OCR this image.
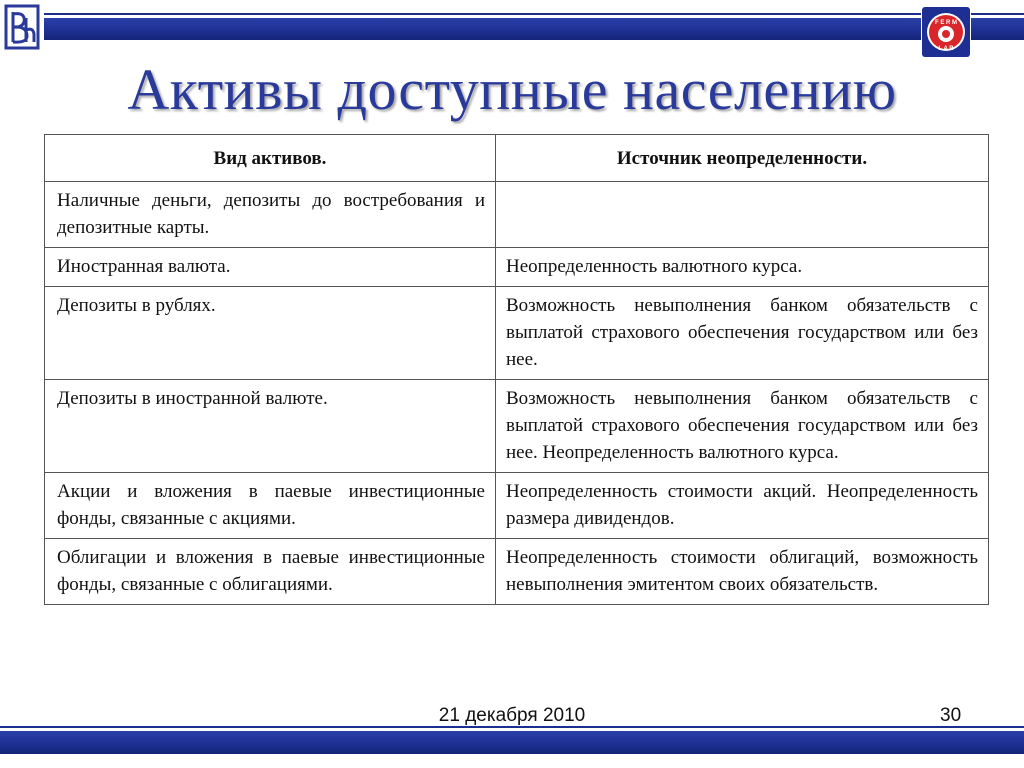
F E R M
L A B
Активы доступные населению
Вид активов.	Источник неопределенности.
Наличные деньги, депозиты до востребования и депозитные карты.	
Иностранная валюта.	Неопределенность валютного курса.
Депозиты в рублях.	Возможность невыполнения банком обязательств с выплатой страхового обеспечения государством или без нее.
Депозиты в иностранной валюте.	Возможность невыполнения банком обязательств с выплатой страхового обеспечения государством или без нее. Неопределенность валютного курса.
Акции и вложения в паевые инвестиционные фонды, связанные с акциями.	Неопределенность стоимости акций. Неопределенность размера дивидендов.
Облигации и вложения в паевые инвестиционные фонды, связанные с облигациями.	Неопределенность стоимости облигаций, возможность невыполнения эмитентом своих обязательств.
21 декабря 2010	30
